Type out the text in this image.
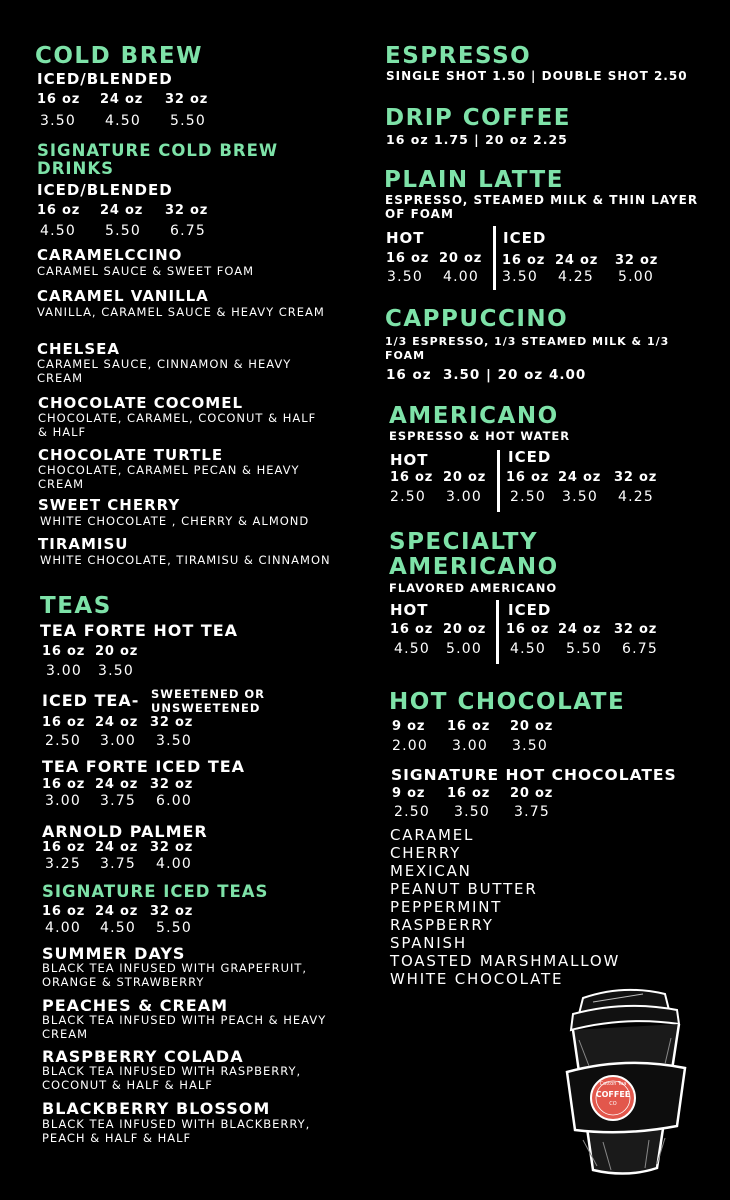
COLD BREW
ICED/BLENDED
16 oz 24 oz 32 oz
3.50 4.50 5.50
SIGNATURE COLD BREW DRINKS
ICED/BLENDED
16 oz 24 oz 32 oz
4.50 5.50 6.75
CARAMELCCINO
CARAMEL SAUCE & SWEET FOAM
CARAMEL VANILLA
VANILLA, CARAMEL SAUCE & HEAVY CREAM
CHELSEA
CARAMEL SAUCE, CINNAMON & HEAVY CREAM
CHOCOLATE COCOMEL
CHOCOLATE, CARAMEL, COCONUT & HALF & HALF
CHOCOLATE TURTLE
CHOCOLATE, CARAMEL PECAN & HEAVY CREAM
SWEET CHERRY
WHITE CHOCOLATE , CHERRY & ALMOND
TIRAMISU
WHITE CHOCOLATE, TIRAMISU & CINNAMON
TEAS
TEA FORTE HOT TEA
16 oz 20 oz
3.00 3.50
ICED TEA- SWEETENED OR UNSWEETENED
16 oz 24 oz 32 oz
2.50 3.00 3.50
TEA FORTE ICED TEA
16 oz 24 oz 32 oz
3.00 3.75 6.00
ARNOLD PALMER
16 oz 24 oz 32 oz
3.25 3.75 4.00
SIGNATURE ICED TEAS
16 oz 24 oz 32 oz
4.00 4.50 5.50
SUMMER DAYS
BLACK TEA INFUSED WITH GRAPEFRUIT, ORANGE & STRAWBERRY
PEACHES & CREAM
BLACK TEA INFUSED WITH PEACH & HEAVY CREAM
RASPBERRY COLADA
BLACK TEA INFUSED WITH RASPBERRY, COCONUT & HALF & HALF
BLACKBERRY BLOSSOM
BLACK TEA INFUSED WITH BLACKBERRY, PEACH & HALF & HALF
ESPRESSO
SINGLE SHOT 1.50 | DOUBLE SHOT 2.50
DRIP COFFEE
16 oz 1.75 | 20 oz 2.25
PLAIN LATTE
ESPRESSO, STEAMED MILK & THIN LAYER OF FOAM
HOT
16 oz 20 oz
3.50 4.00
ICED
16 oz 24 oz 32 oz
3.50 4.25 5.00
CAPPUCCINO
1/3 ESPRESSO, 1/3 STEAMED MILK & 1/3 FOAM
16 oz  3.50 | 20 oz 4.00
AMERICANO
ESPRESSO & HOT WATER
HOT
16 oz 20 oz
2.50 3.00
ICED
16 oz 24 oz 32 oz
2.50 3.50 4.25
SPECIALTY
AMERICANO
FLAVORED AMERICANO
HOT
16 oz 20 oz
4.50 5.00
ICED
16 oz 24 oz 32 oz
4.50 5.50 6.75
HOT CHOCOLATE
9 oz 16 oz 20 oz
2.00 3.00 3.50
SIGNATURE HOT CHOCOLATES
9 oz 16 oz 20 oz
2.50 3.50 3.75
CARAMEL
CHERRY
MEXICAN
PEANUT BUTTER
PEPPERMINT
RASPBERRY
SPANISH
TOASTED MARSHMALLOW
WHITE CHOCOLATE
Cotton Tea
COFFEE
CO
